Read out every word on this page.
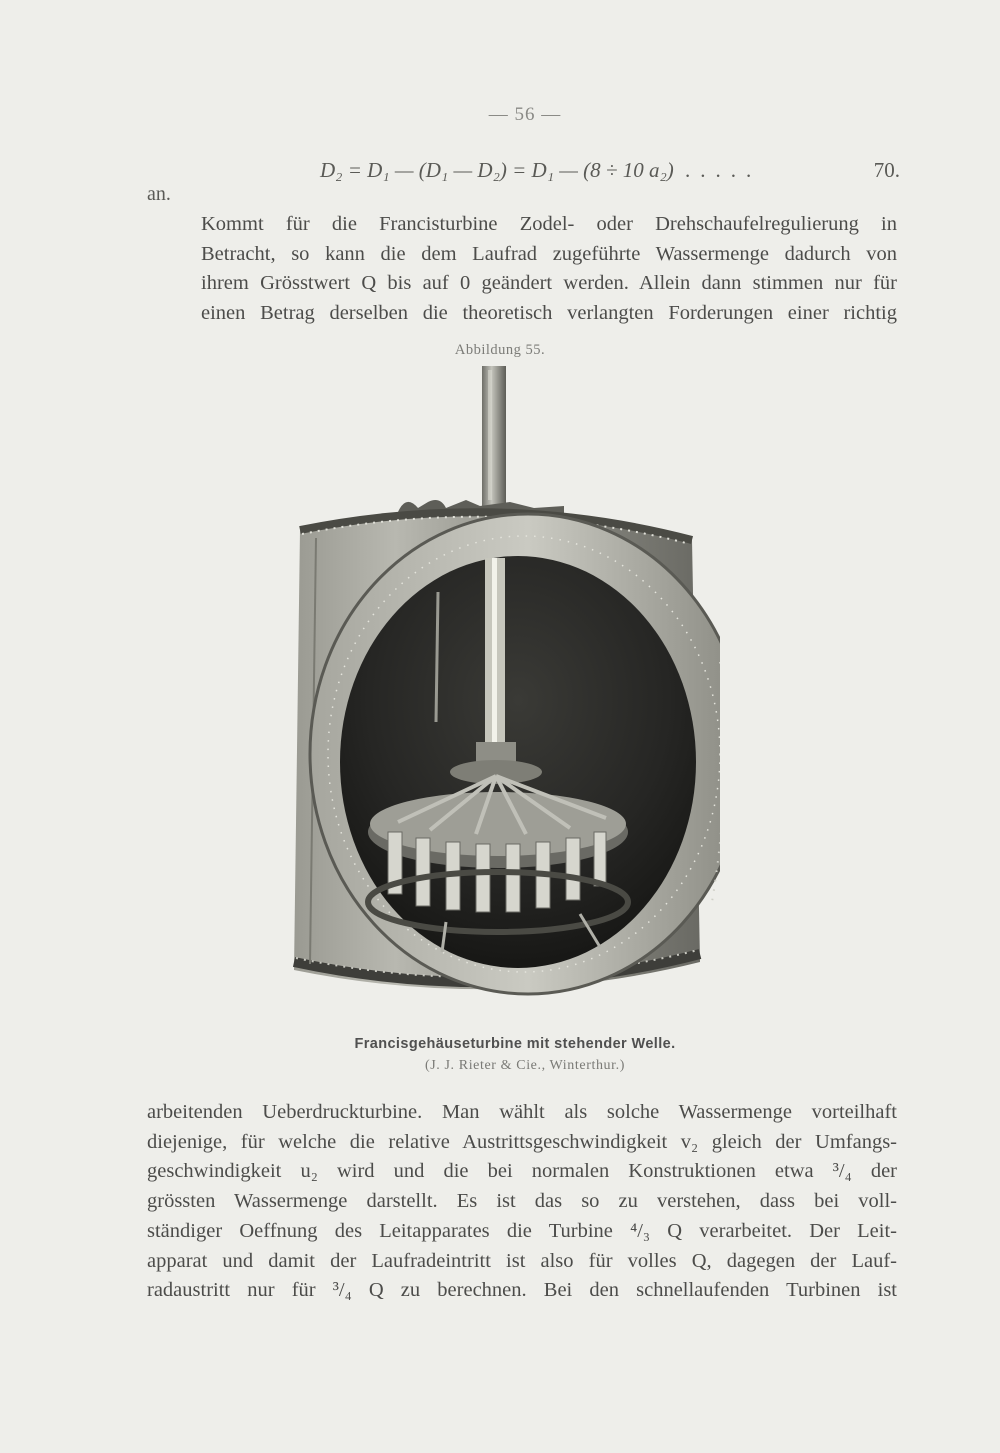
— 56 —
D₂ = D₁ — (D₁ — D₂) = D₁ — (8 ÷ 10 a₂) .....	70.
an.
Kommt für die Francisturbine Zodel- oder Drehschaufelregulierung in
Betracht, so kann die dem Laufrad zugeführte Wassermenge dadurch von
ihrem Grösstwert Q bis auf 0 geändert werden. Allein dann stimmen nur für
einen Betrag derselben die theoretisch verlangten Forderungen einer richtig
Abbildung 55.
Francisgehäuseturbine mit stehender Welle.
(J. J. Rieter & Cie., Winterthur.)
arbeitenden Ueberdruckturbine. Man wählt als solche Wassermenge vorteilhaft
diejenige, für welche die relative Austrittsgeschwindigkeit v₂ gleich der Umfangs-
geschwindigkeit u₂ wird und die bei normalen Konstruktionen etwa ³/₄ der
grössten Wassermenge darstellt. Es ist das so zu verstehen, dass bei voll-
ständiger Oeffnung des Leitapparates die Turbine ⁴/₃ Q verarbeitet. Der Leit-
apparat und damit der Laufradeintritt ist also für volles Q, dagegen der Lauf-
radaustritt nur für ³/₄ Q zu berechnen. Bei den schnellaufenden Turbinen ist
